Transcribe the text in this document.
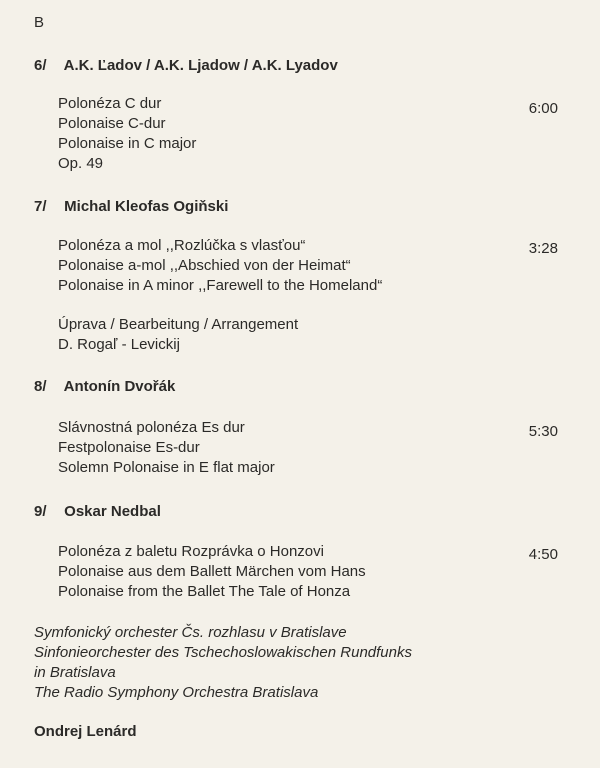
B
6/ A.K. Ľadov / A.K. Ljadow / A.K. Lyadov
Polonéza C dur
Polonaise C-dur
Polonaise in C major
Op. 49
6:00
7/ Michal Kleofas Ogiňski
Polonéza a mol ,,Rozlúčka s vlasťou“
Polonaise a-mol ,,Abschied von der Heimat“
Polonaise in A minor ,,Farewell to the Homeland“
3:28
Úprava / Bearbeitung / Arrangement
D. Rogaľ - Levickij
8/ Antonín Dvořák
Slávnostná polonéza Es dur
Festpolonaise Es-dur
Solemn Polonaise in E flat major
5:30
9/ Oskar Nedbal
Polonéza z baletu Rozprávka o Honzovi
Polonaise aus dem Ballett Märchen vom Hans
Polonaise from the Ballet The Tale of Honza
4:50
Symfonický orchester Čs. rozhlasu v Bratislave
Sinfonieorchester des Tschechoslowakischen Rundfunks
in Bratislava
The Radio Symphony Orchestra Bratislava
Ondrej Lenárd
